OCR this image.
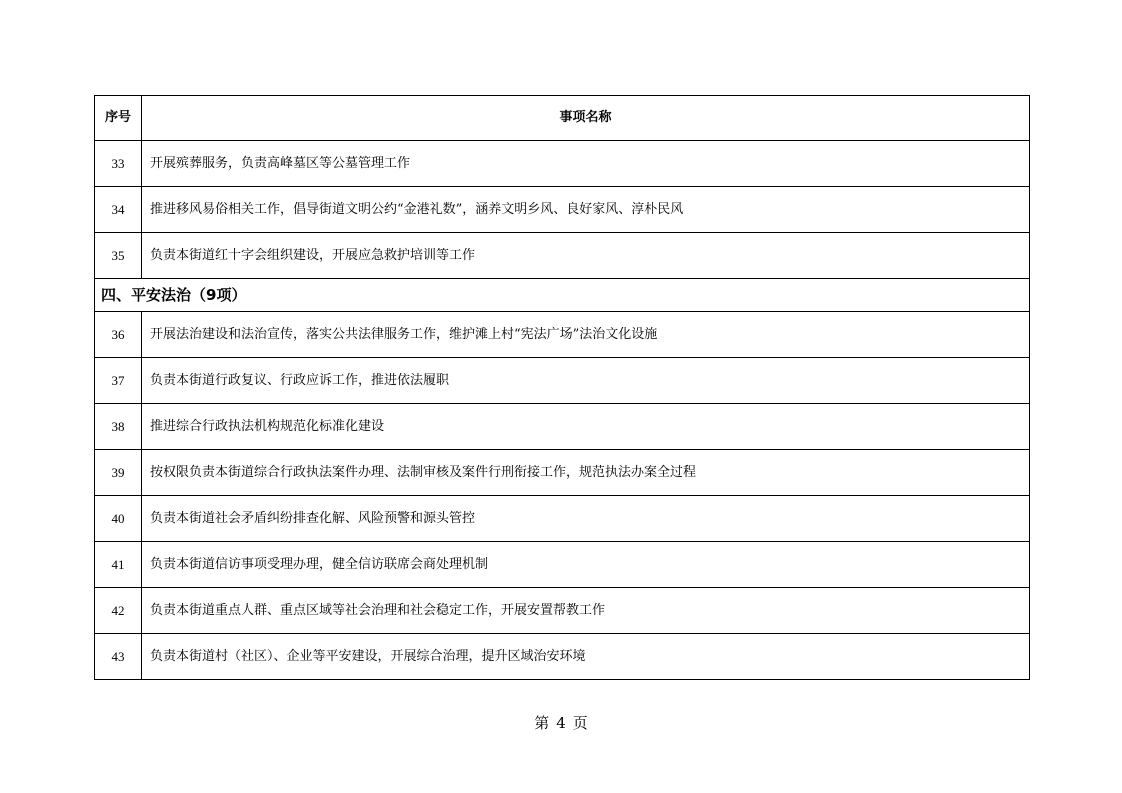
序号	事项名称
33	开展殡葬服务，负责高峰墓区等公墓管理工作
34	推进移风易俗相关工作，倡导街道文明公约“金港礼数”，涵养文明乡风、良好家风、淳朴民风
35	负责本街道红十字会组织建设，开展应急救护培训等工作
四、平安法治（9项）	
36	开展法治建设和法治宣传，落实公共法律服务工作，维护滩上村“宪法广场”法治文化设施
37	负责本街道行政复议、行政应诉工作，推进依法履职
38	推进综合行政执法机构规范化标准化建设
39	按权限负责本街道综合行政执法案件办理、法制审核及案件行刑衔接工作，规范执法办案全过程
40	负责本街道社会矛盾纠纷排查化解、风险预警和源头管控
41	负责本街道信访事项受理办理，健全信访联席会商处理机制
42	负责本街道重点人群、重点区域等社会治理和社会稳定工作，开展安置帮教工作
43	负责本街道村（社区）、企业等平安建设，开展综合治理，提升区域治安环境
第 4 页
